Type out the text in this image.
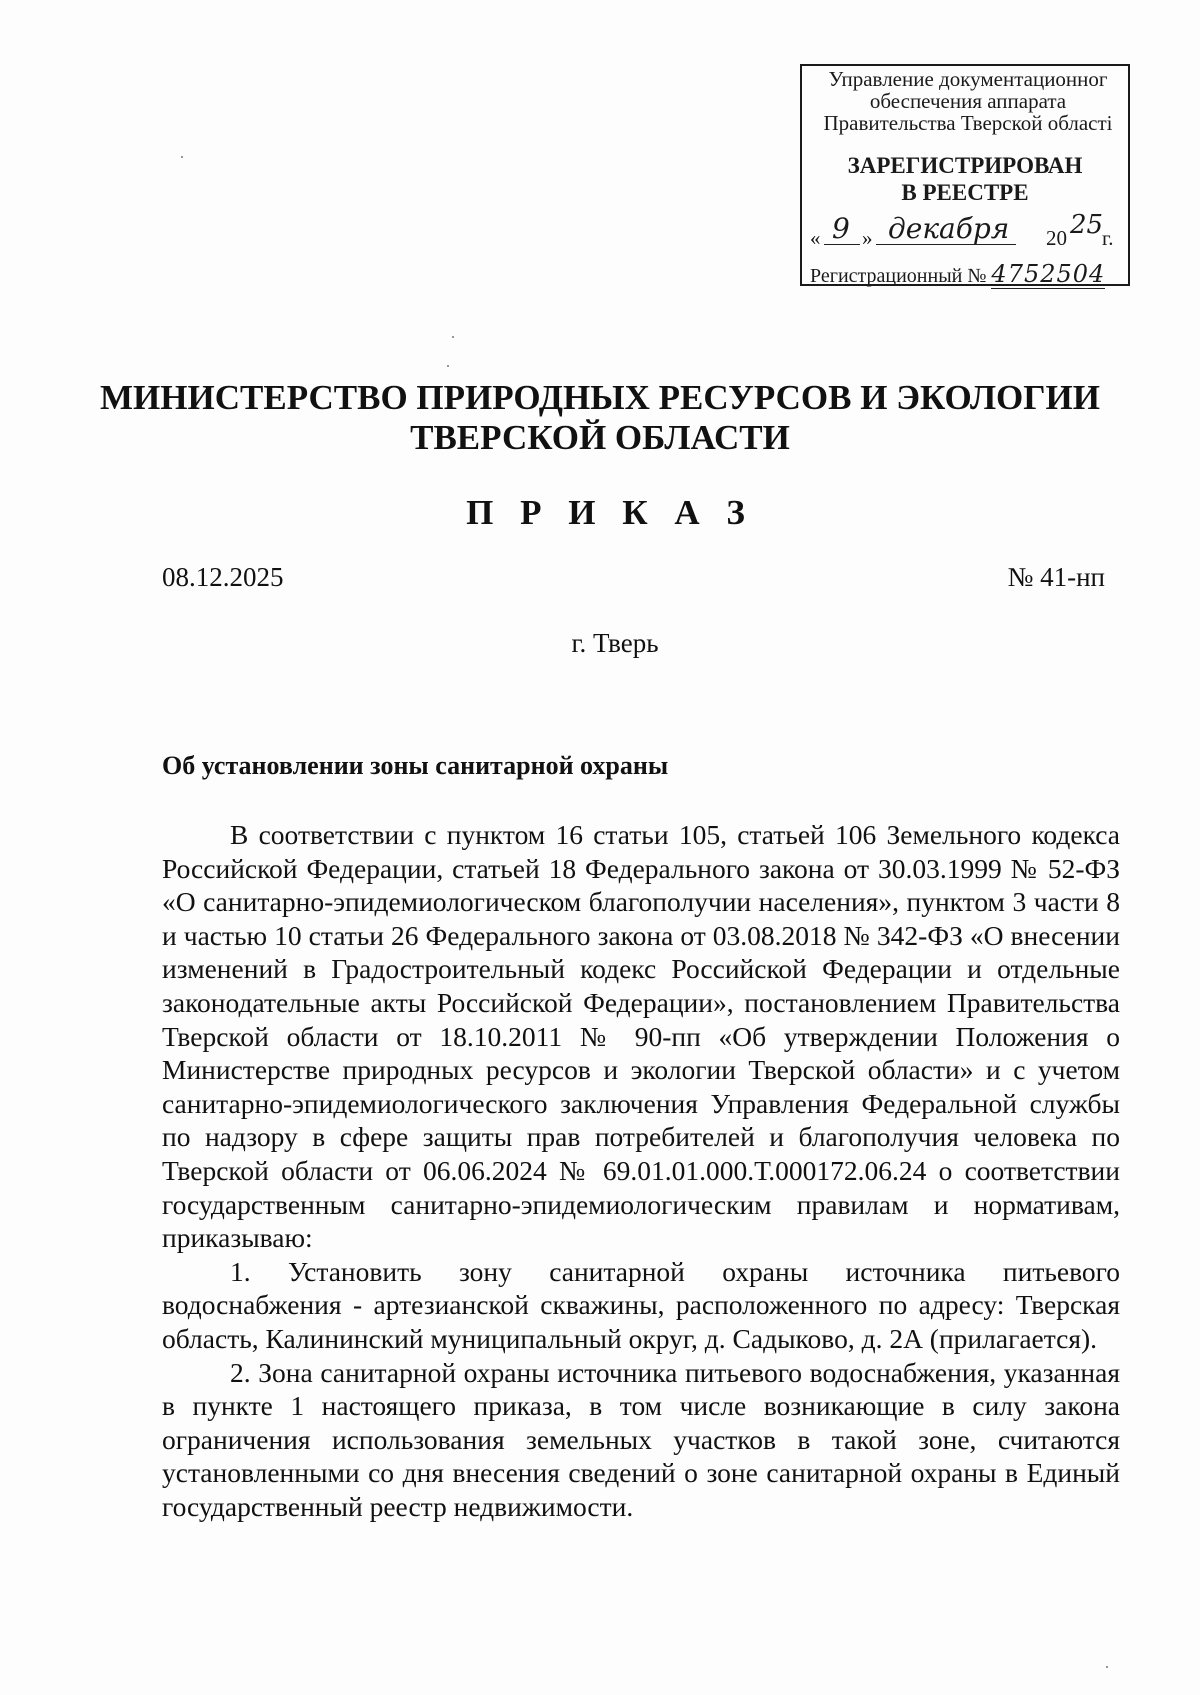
Управление документационног
обеспечения аппарата
Правительства Тверской області
ЗАРЕГИСТРИРОВАН
В РЕЕСТРЕ
« 9 » декабря 20 25
г.
Регистрационный № 4752504
МИНИСТЕРСТВО ПРИРОДНЫХ РЕСУРСОВ И ЭКОЛОГИИ
ТВЕРСКОЙ ОБЛАСТИ
П Р И К А З
08.12.2025	№ 41-нп
г. Тверь
Об установлении зоны санитарной охраны

В соответствии с пунктом 16 статьи 105, статьей 106 Земельного кодекса Российской Федерации, статьей 18 Федерального закона от 30.03.1999 № 52-ФЗ «О санитарно-эпидемиологическом благополучии населения», пунктом 3 части 8 и частью 10 статьи 26 Федерального закона от 03.08.2018 № 342-ФЗ «О внесении изменений в Градостроительный кодекс Российской Федерации и отдельные законодательные акты Российской Федерации», постановлением Правительства Тверской области от 18.10.2011 № 90-пп «Об утверждении Положения о Министерстве природных ресурсов и экологии Тверской области» и с учетом санитарно-эпидемиологического заключения Управления Федеральной службы по надзору в сфере защиты прав потребителей и благополучия человека по Тверской области от 06.06.2024 № 69.01.01.000.Т.000172.06.24 о соответствии государственным санитарно-эпидемиологическим правилам и нормативам, приказываю:

1. Установить зону санитарной охраны источника питьевого водоснабжения - артезианской скважины, расположенного по адресу: Тверская область, Калининский муниципальный округ, д. Садыково, д. 2А (прилагается).

2. Зона санитарной охраны источника питьевого водоснабжения, указанная в пункте 1 настоящего приказа, в том числе возникающие в силу закона ограничения использования земельных участков в такой зоне, считаются установленными со дня внесения сведений о зоне санитарной охраны в Единый государственный реестр недвижимости.
